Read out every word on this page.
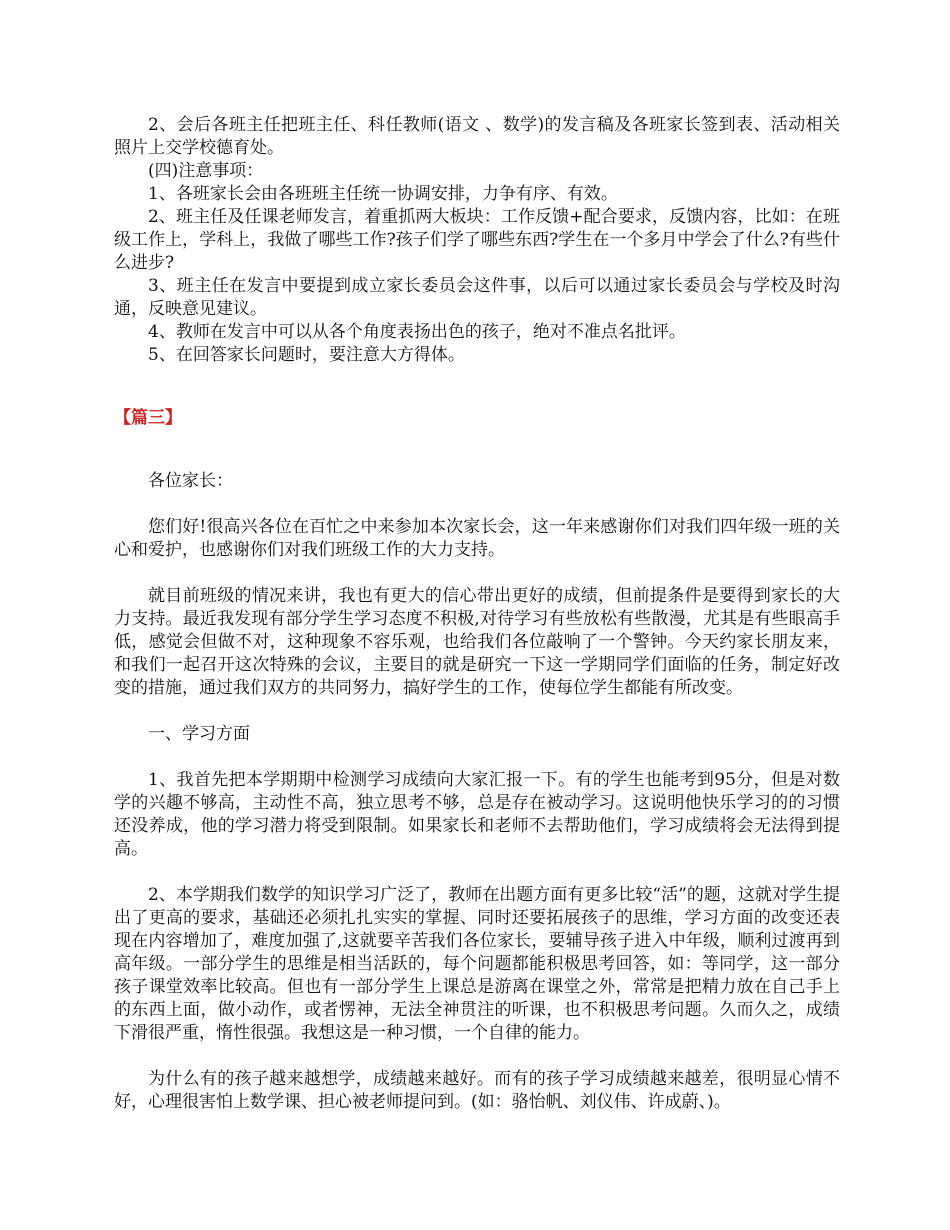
2、会后各班主任把班主任、科任教师(语文 、数学)的发言稿及各班家长签到表、活动相关照片上交学校德育处。

(四)注意事项：

1、各班家长会由各班班主任统一协调安排，力争有序、有效。

2、班主任及任课老师发言，着重抓两大板块：工作反馈+配合要求，反馈内容，比如：在班级工作上，学科上，我做了哪些工作?孩子们学了哪些东西?学生在一个多月中学会了什么?有些什么进步?

3、班主任在发言中要提到成立家长委员会这件事，以后可以通过家长委员会与学校及时沟通，反映意见建议。

4、教师在发言中可以从各个角度表扬出色的孩子，绝对不准点名批评。

5、在回答家长问题时，要注意大方得体。

【篇三】

各位家长：

您们好!很高兴各位在百忙之中来参加本次家长会，这一年来感谢你们对我们四年级一班的关心和爱护，也感谢你们对我们班级工作的大力支持。

就目前班级的情况来讲，我也有更大的信心带出更好的成绩，但前提条件是要得到家长的大力支持。最近我发现有部分学生学习态度不积极,对待学习有些放松有些散漫，尤其是有些眼高手低，感觉会但做不对，这种现象不容乐观，也给我们各位敲响了一个警钟。今天约家长朋友来，和我们一起召开这次特殊的会议，主要目的就是研究一下这一学期同学们面临的任务，制定好改变的措施，通过我们双方的共同努力，搞好学生的工作，使每位学生都能有所改变。

一、学习方面

1、我首先把本学期期中检测学习成绩向大家汇报一下。有的学生也能考到95分，但是对数学的兴趣不够高，主动性不高，独立思考不够，总是存在被动学习。这说明他快乐学习的的习惯还没养成，他的学习潜力将受到限制。如果家长和老师不去帮助他们，学习成绩将会无法得到提高。

2、本学期我们数学的知识学习广泛了，教师在出题方面有更多比较“活”的题，这就对学生提出了更高的要求，基础还必须扎扎实实的掌握、同时还要拓展孩子的思维，学习方面的改变还表现在内容增加了，难度加强了,这就要辛苦我们各位家长，要辅导孩子进入中年级，顺利过渡再到高年级。一部分学生的思维是相当活跃的，每个问题都能积极思考回答，如：等同学，这一部分孩子课堂效率比较高。但也有一部分学生上课总是游离在课堂之外，常常是把精力放在自己手上的东西上面，做小动作，或者愣神，无法全神贯注的听课，也不积极思考问题。久而久之，成绩下滑很严重，惰性很强。我想这是一种习惯，一个自律的能力。

为什么有的孩子越来越想学，成绩越来越好。而有的孩子学习成绩越来越差，很明显心情不好，心理很害怕上数学课、担心被老师提问到。(如：骆怡帆、刘仪伟、许成蔚、)。
